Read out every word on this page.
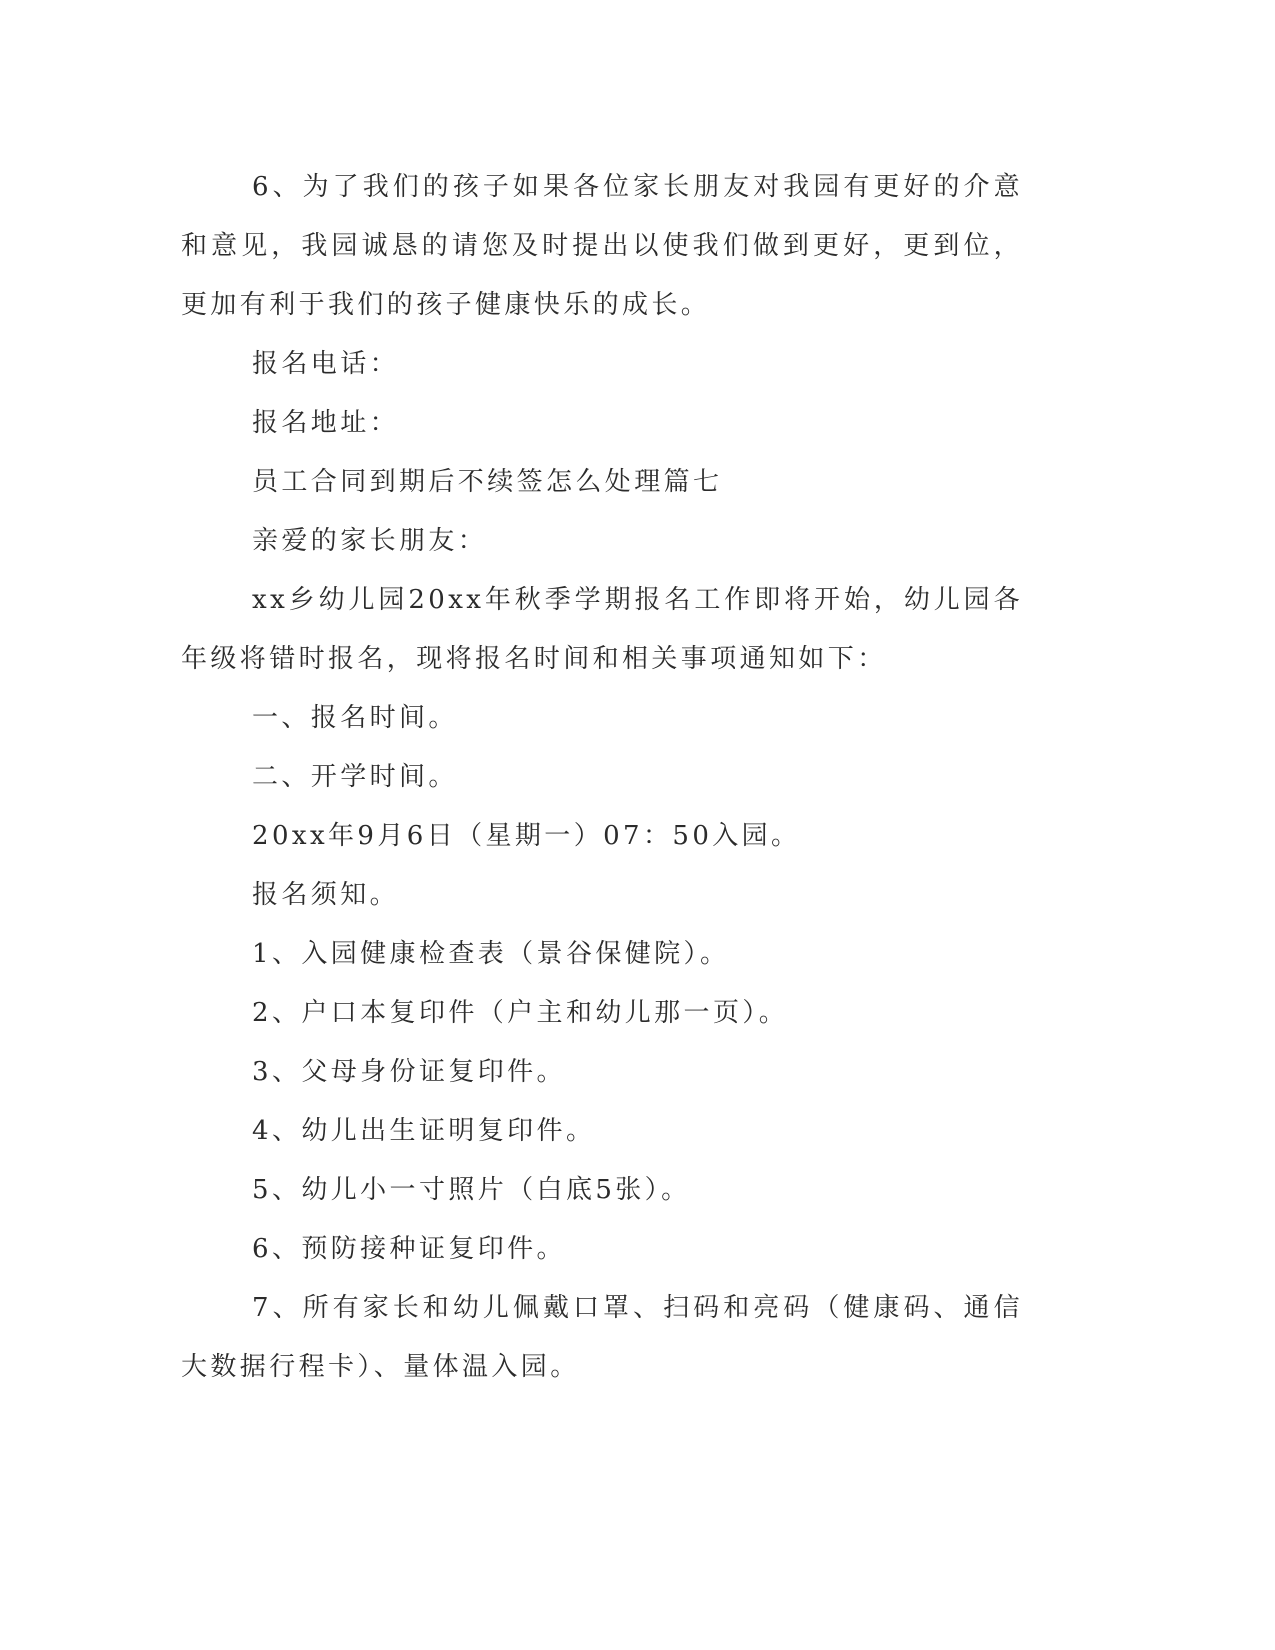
6、为了我们的孩子如果各位家长朋友对我园有更好的介意和意见，我园诚恳的请您及时提出以使我们做到更好，更到位，更加有利于我们的孩子健康快乐的成长。

报名电话：

报名地址：

员工合同到期后不续签怎么处理篇七

亲爱的家长朋友：

xx乡幼儿园20xx年秋季学期报名工作即将开始，幼儿园各年级将错时报名，现将报名时间和相关事项通知如下：

一、报名时间。

二、开学时间。

20xx年9月6日（星期一）07：50入园。

报名须知。

1、入园健康检查表（景谷保健院）。

2、户口本复印件（户主和幼儿那一页）。

3、父母身份证复印件。

4、幼儿出生证明复印件。

5、幼儿小一寸照片（白底5张）。

6、预防接种证复印件。

7、所有家长和幼儿佩戴口罩、扫码和亮码（健康码、通信大数据行程卡）、量体温入园。
